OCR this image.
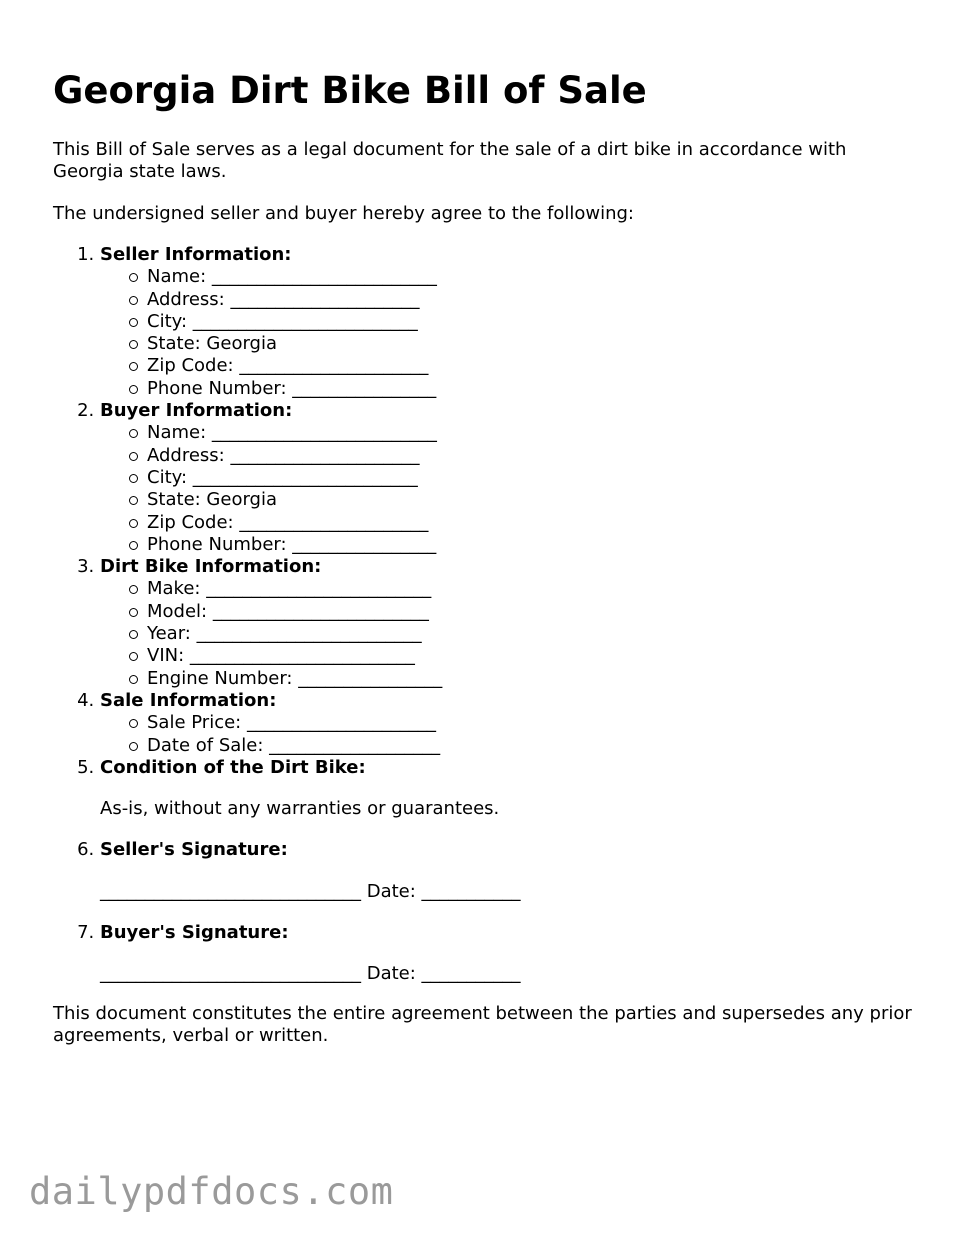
Georgia Dirt Bike Bill of Sale

This Bill of Sale serves as a legal document for the sale of a dirt bike in accordance with Georgia state laws.

The undersigned seller and buyer hereby agree to the following:

1. Seller Information:
Name: _________________________
Address: _____________________
City: _________________________
State: Georgia
Zip Code: _____________________
Phone Number: ________________
2. Buyer Information:
Name: _________________________
Address: _____________________
City: _________________________
State: Georgia
Zip Code: _____________________
Phone Number: ________________
3. Dirt Bike Information:
Make: _________________________
Model: ________________________
Year: _________________________
VIN: _________________________
Engine Number: ________________
4. Sale Information:
Sale Price: _____________________
Date of Sale: ___________________
5. Condition of the Dirt Bike:

As-is, without any warranties or guarantees.

6. Seller's Signature:

_____________________________ Date: ___________

7. Buyer's Signature:

_____________________________ Date: ___________

This document constitutes the entire agreement between the parties and supersedes any prior agreements, verbal or written.

dailypdfdocs.com
